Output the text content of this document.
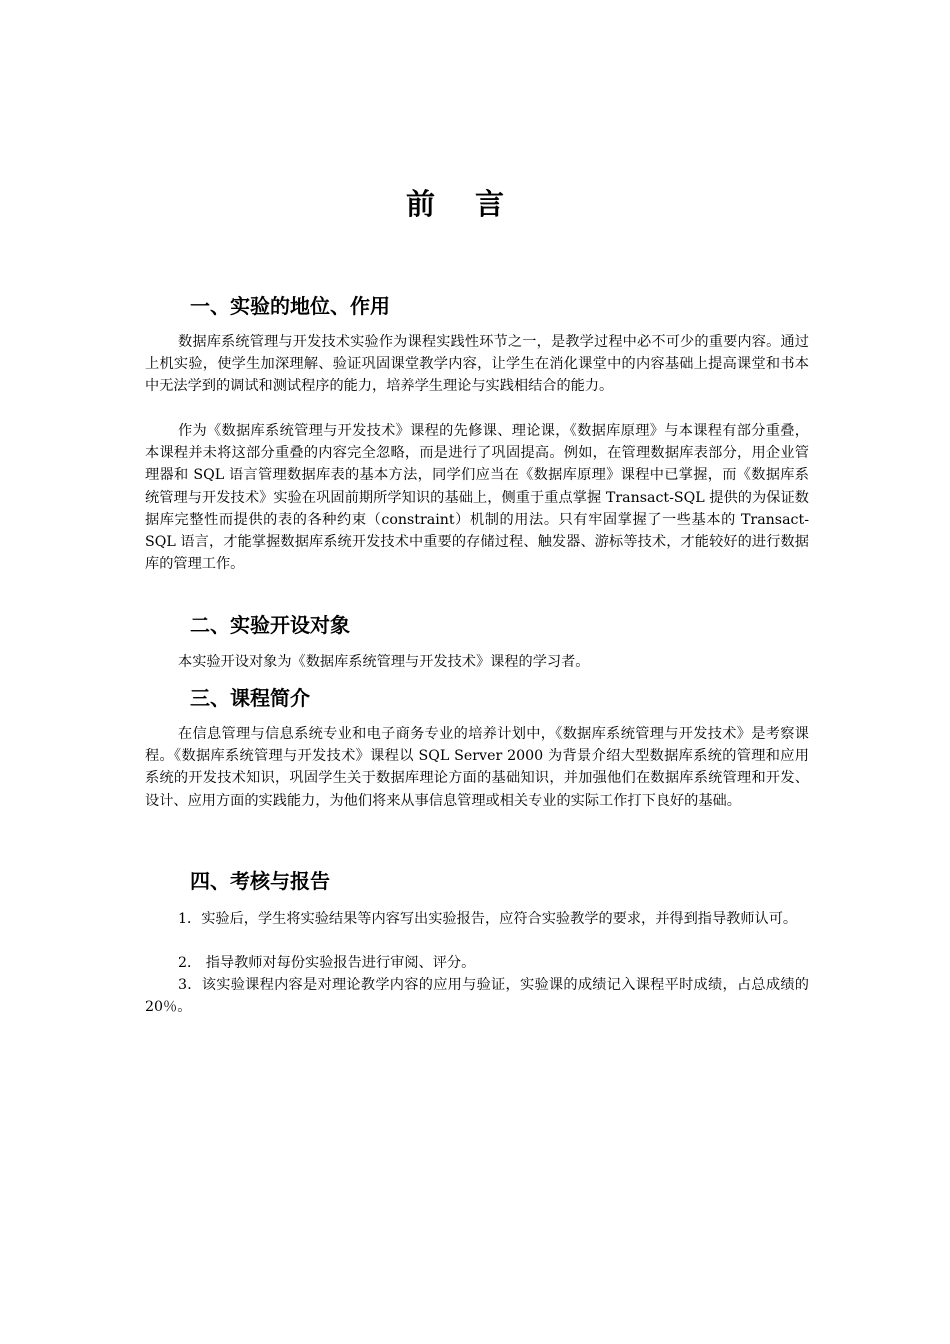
前言
一、实验的地位、作用

数据库系统管理与开发技术实验作为课程实践性环节之一，是教学过程中必不可少的重要内容。通过上机实验，使学生加深理解、验证巩固课堂教学内容，让学生在消化课堂中的内容基础上提高课堂和书本中无法学到的调试和测试程序的能力，培养学生理论与实践相结合的能力。

作为《数据库系统管理与开发技术》课程的先修课、理论课，《数据库原理》与本课程有部分重叠，本课程并未将这部分重叠的内容完全忽略，而是进行了巩固提高。例如，在管理数据库表部分，用企业管理器和 SQL 语言管理数据库表的基本方法，同学们应当在《数据库原理》课程中已掌握，而《数据库系统管理与开发技术》实验在巩固前期所学知识的基础上，侧重于重点掌握 Transact-SQL 提供的为保证数据库完整性而提供的表的各种约束（constraint）机制的用法。只有牢固掌握了一些基本的 Transact-SQL 语言，才能掌握数据库系统开发技术中重要的存储过程、触发器、游标等技术，才能较好的进行数据库的管理工作。

二、实验开设对象

本实验开设对象为《数据库系统管理与开发技术》课程的学习者。

三、课程简介

在信息管理与信息系统专业和电子商务专业的培养计划中，《数据库系统管理与开发技术》是考察课程。《数据库系统管理与开发技术》课程以 SQL Server 2000 为背景介绍大型数据库系统的管理和应用系统的开发技术知识，巩固学生关于数据库理论方面的基础知识，并加强他们在数据库系统管理和开发、设计、应用方面的实践能力，为他们将来从事信息管理或相关专业的实际工作打下良好的基础。

四、考核与报告

1．实验后，学生将实验结果等内容写出实验报告，应符合实验教学的要求，并得到指导教师认可。

2． 指导教师对每份实验报告进行审阅、评分。

3．该实验课程内容是对理论教学内容的应用与验证，实验课的成绩记入课程平时成绩，占总成绩的 20％。
